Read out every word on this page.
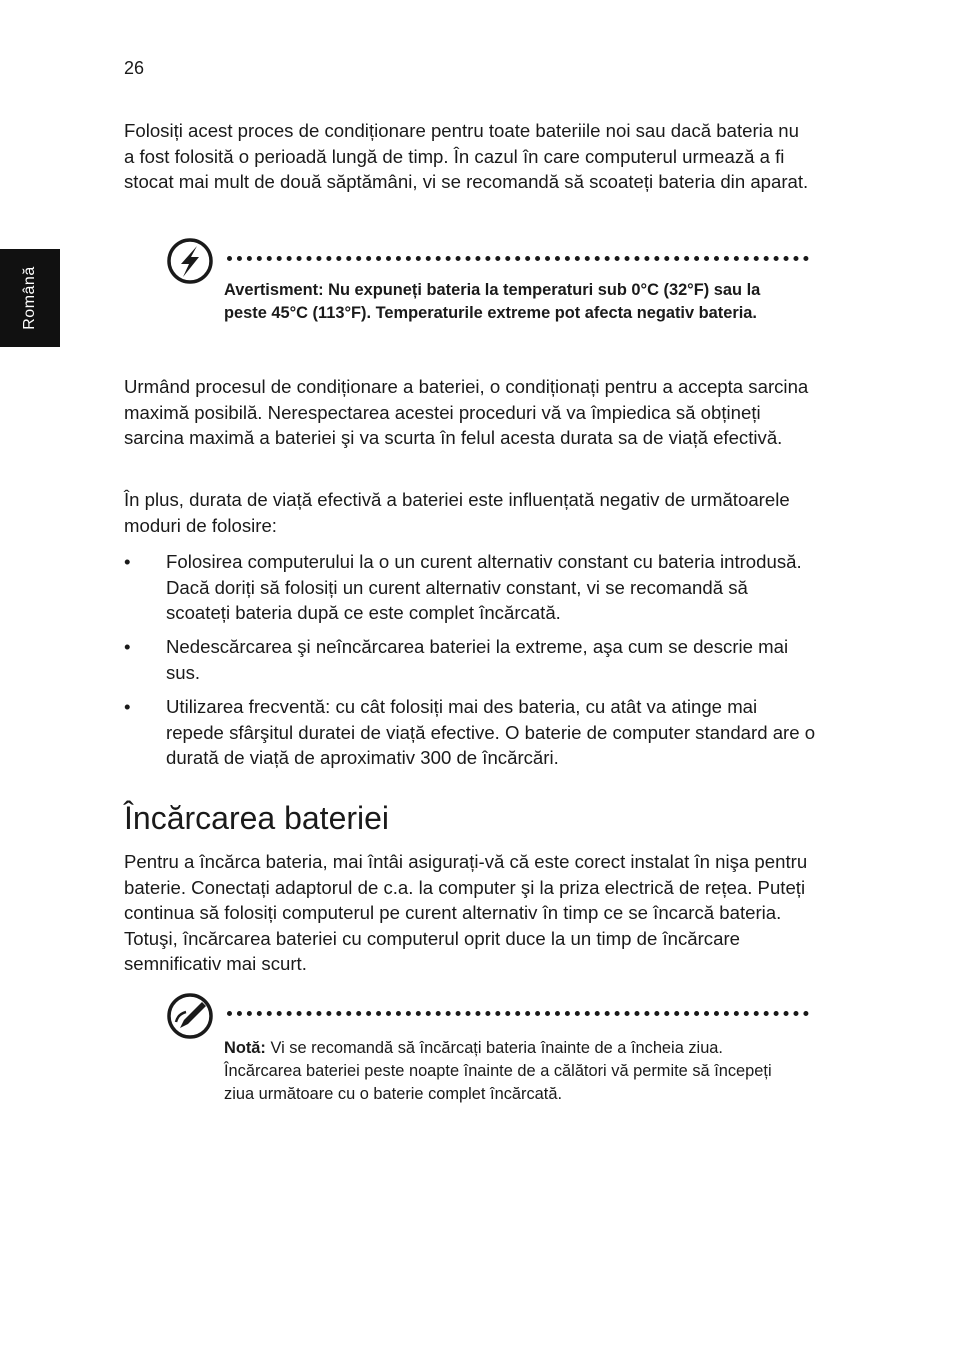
26
Română

Folosiți acest proces de condiționare pentru toate bateriile noi sau dacă bateria nu a fost folosită o perioadă lungă de timp. În cazul în care computerul urmează a fi stocat mai mult de două săptămâni, vi se recomandă să scoateți bateria din aparat.

Avertisment: Nu expuneți bateria la temperaturi sub 0°C (32°F) sau la peste 45°C (113°F). Temperaturile extreme pot afecta negativ bateria.

Urmând procesul de condiționare a bateriei, o condiționați pentru a accepta sarcina maximă posibilă. Nerespectarea acestei proceduri vă va împiedica să obțineți sarcina maximă a bateriei şi va scurta în felul acesta durata sa de viață efectivă.

În plus, durata de viață efectivă a bateriei este influențată negativ de următoarele moduri de folosire:

• Folosirea computerului la o un curent alternativ constant cu bateria introdusă. Dacă doriți să folosiți un curent alternativ constant, vi se recomandă să scoateți bateria după ce este complet încărcată.
• Nedescărcarea şi neîncărcarea bateriei la extreme, aşa cum se descrie mai sus.
• Utilizarea frecventă: cu cât folosiți mai des bateria, cu atât va atinge mai repede sfârşitul duratei de viață efective. O baterie de computer standard are o durată de viață de aproximativ 300 de încărcări.
Încărcarea bateriei

Pentru a încărca bateria, mai întâi asigurați-vă că este corect instalat în nişa pentru baterie. Conectați adaptorul de c.a. la computer şi la priza electrică de rețea. Puteți continua să folosiți computerul pe curent alternativ în timp ce se încarcă bateria. Totuşi, încărcarea bateriei cu computerul oprit duce la un timp de încărcare semnificativ mai scurt.

Notă: Vi se recomandă să încărcați bateria înainte de a încheia ziua. Încărcarea bateriei peste noapte înainte de a călători vă permite să începeți ziua următoare cu o baterie complet încărcată.
